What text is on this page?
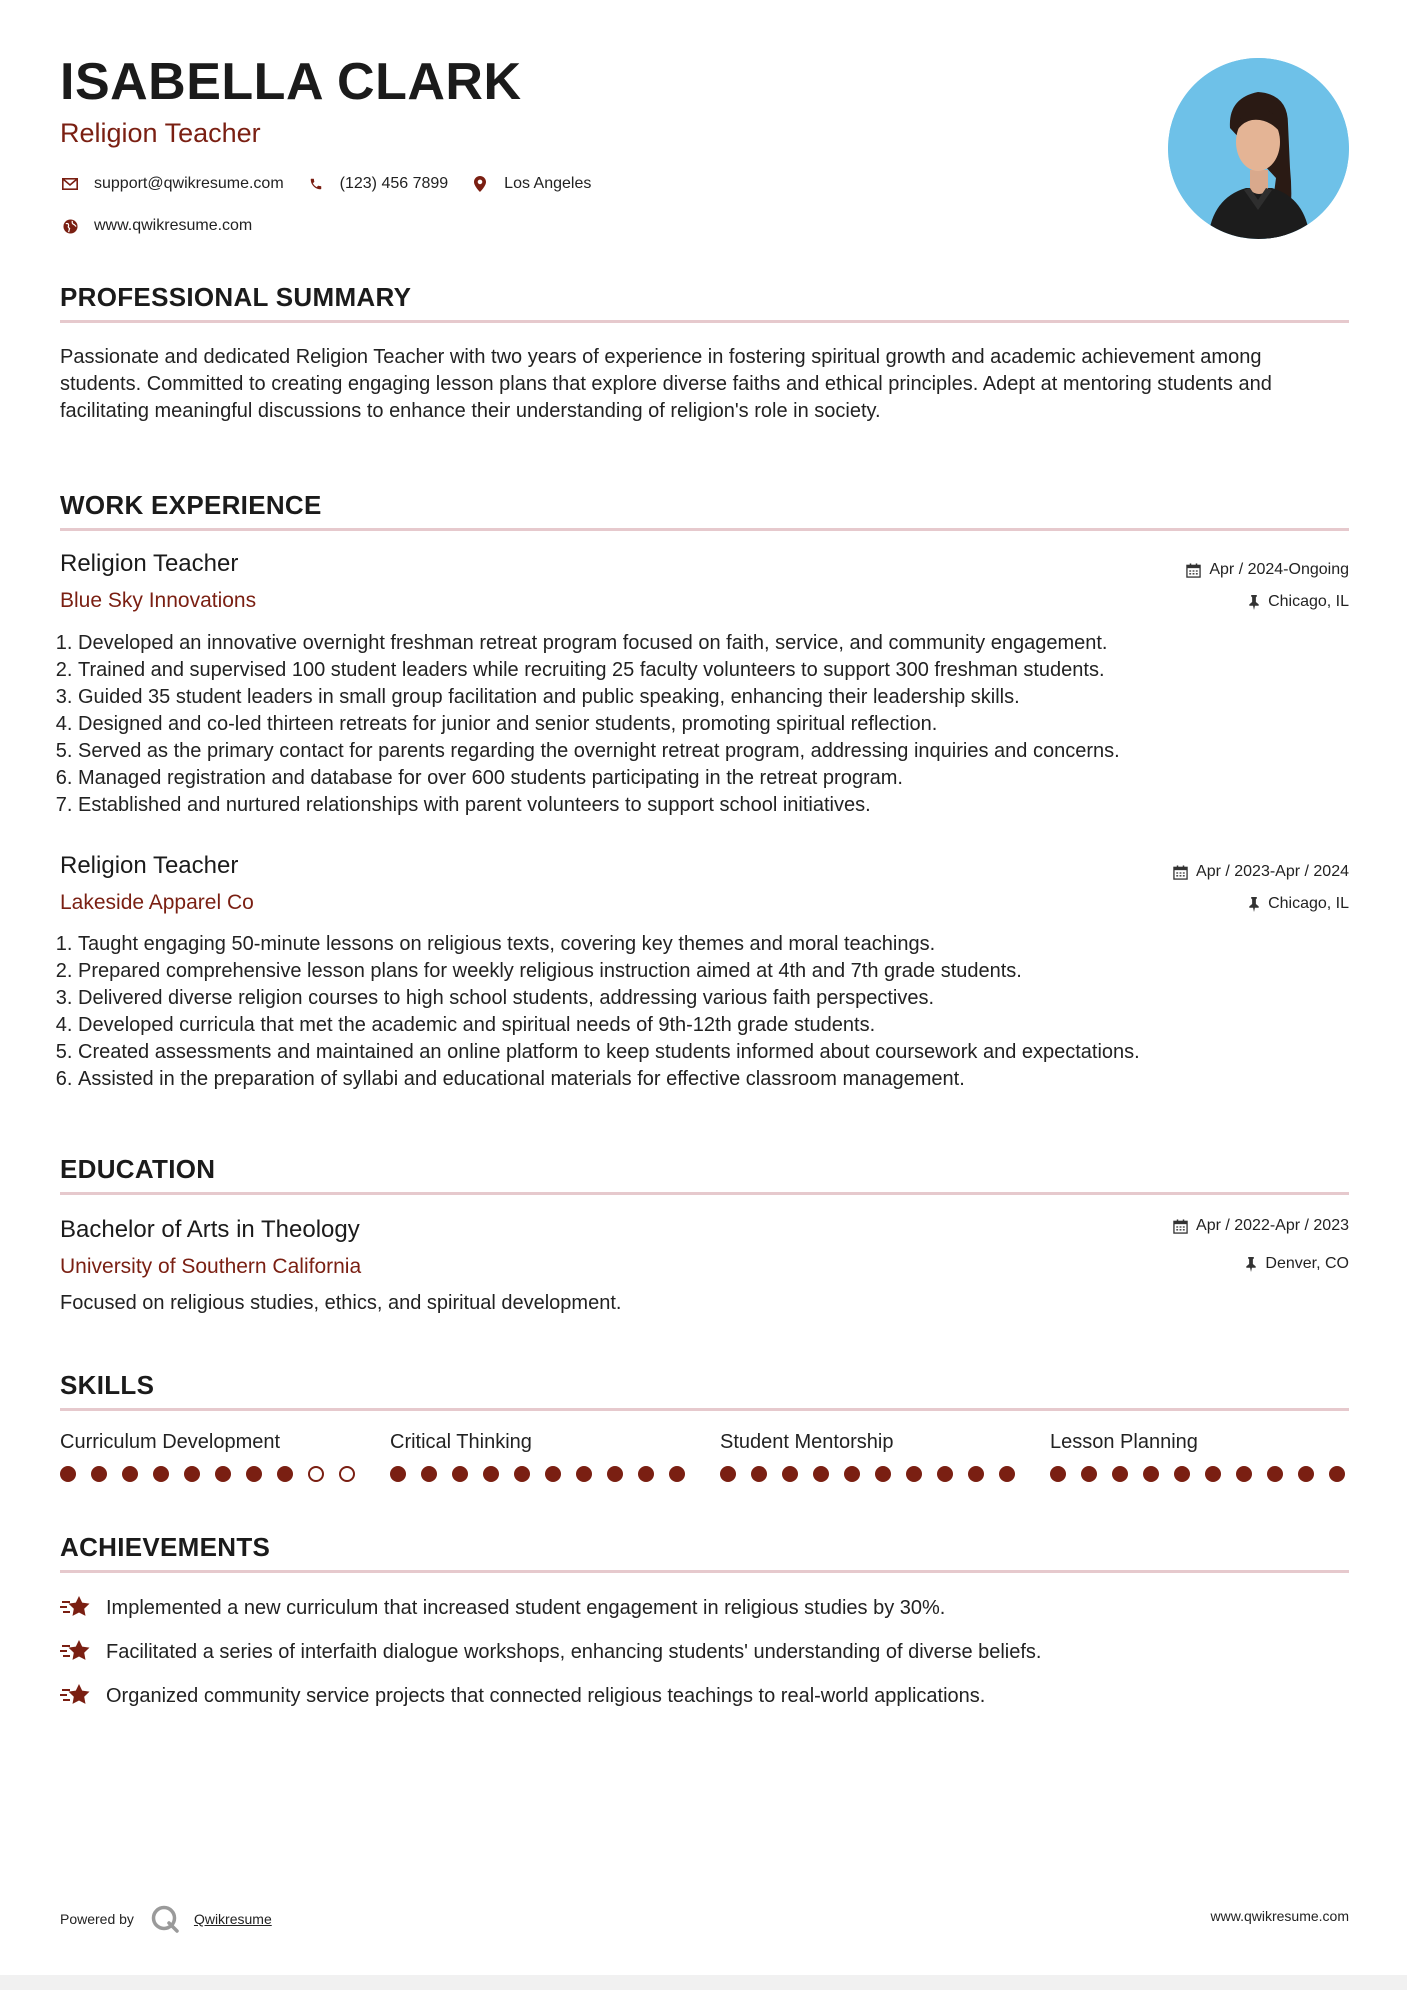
ISABELLA CLARK
Religion Teacher
support@qwikresume.com	(123) 456 7899	Los Angeles
www.qwikresume.com
PROFESSIONAL SUMMARY
Passionate and dedicated Religion Teacher with two years of experience in fostering spiritual growth and academic achievement among students. Committed to creating engaging lesson plans that explore diverse faiths and ethical principles. Adept at mentoring students and facilitating meaningful discussions to enhance their understanding of religion's role in society.
WORK EXPERIENCE
Religion Teacher
Blue Sky Innovations
Apr / 2024-Ongoing
Chicago, IL
1. Developed an innovative overnight freshman retreat program focused on faith, service, and community engagement.
2. Trained and supervised 100 student leaders while recruiting 25 faculty volunteers to support 300 freshman students.
3. Guided 35 student leaders in small group facilitation and public speaking, enhancing their leadership skills.
4. Designed and co-led thirteen retreats for junior and senior students, promoting spiritual reflection.
5. Served as the primary contact for parents regarding the overnight retreat program, addressing inquiries and concerns.
6. Managed registration and database for over 600 students participating in the retreat program.
7. Established and nurtured relationships with parent volunteers to support school initiatives.
Religion Teacher
Lakeside Apparel Co
Apr / 2023-Apr / 2024
Chicago, IL
1. Taught engaging 50-minute lessons on religious texts, covering key themes and moral teachings.
2. Prepared comprehensive lesson plans for weekly religious instruction aimed at 4th and 7th grade students.
3. Delivered diverse religion courses to high school students, addressing various faith perspectives.
4. Developed curricula that met the academic and spiritual needs of 9th-12th grade students.
5. Created assessments and maintained an online platform to keep students informed about coursework and expectations.
6. Assisted in the preparation of syllabi and educational materials for effective classroom management.
EDUCATION
Bachelor of Arts in Theology
University of Southern California
Apr / 2022-Apr / 2023
Denver, CO
Focused on religious studies, ethics, and spiritual development.
SKILLS
Curriculum Development	Critical Thinking	Student Mentorship	Lesson Planning
ACHIEVEMENTS
Implemented a new curriculum that increased student engagement in religious studies by 30%.
Facilitated a series of interfaith dialogue workshops, enhancing students' understanding of diverse beliefs.
Organized community service projects that connected religious teachings to real-world applications.
Powered by	Qwikresume	www.qwikresume.com
